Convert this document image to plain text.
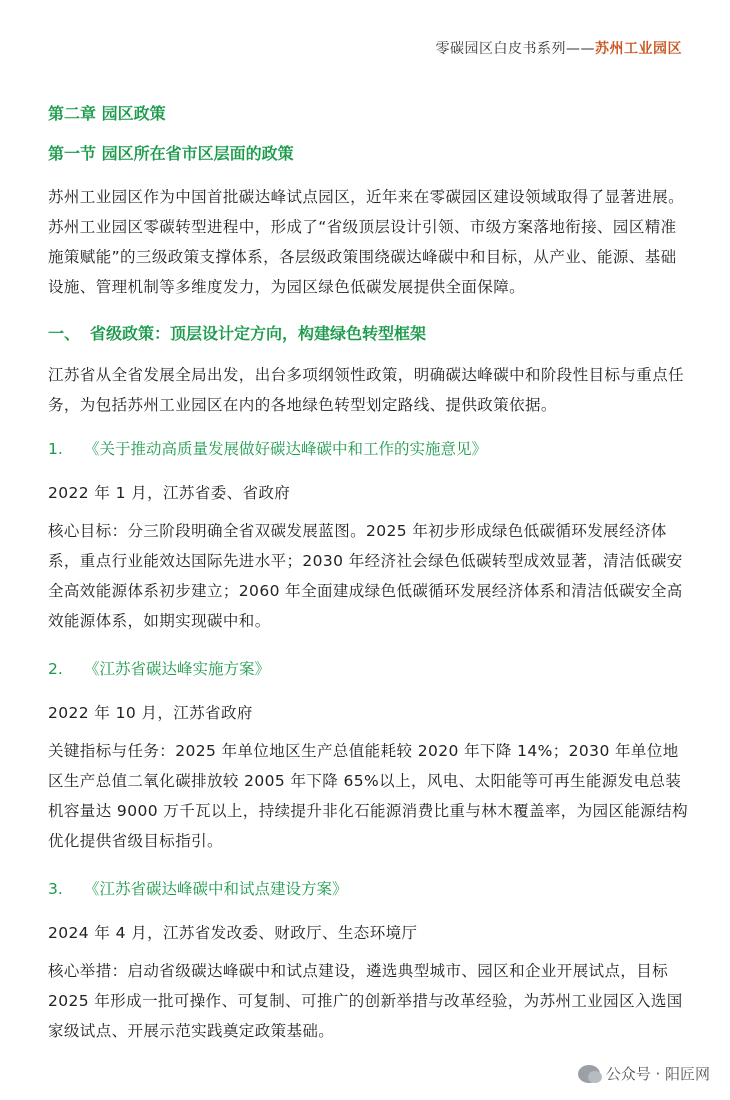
零碳园区白皮书系列——苏州工业园区
第二章 园区政策
第一节 园区所在省市区层面的政策

苏州工业园区作为中国首批碳达峰试点园区，近年来在零碳园区建设领域取得了显著进展。苏州工业园区零碳转型进程中，形成了“省级顶层设计引领、市级方案落地衔接、园区精准施策赋能”的三级政策支撑体系，各层级政策围绕碳达峰碳中和目标，从产业、能源、基础设施、管理机制等多维度发力，为园区绿色低碳发展提供全面保障。

一、 省级政策：顶层设计定方向，构建绿色转型框架

江苏省从全省发展全局出发，出台多项纲领性政策，明确碳达峰碳中和阶段性目标与重点任务，为包括苏州工业园区在内的各地绿色转型划定路线、提供政策依据。

1. 《关于推动高质量发展做好碳达峰碳中和工作的实施意见》

2022 年 1 月，江苏省委、省政府

核心目标：分三阶段明确全省双碳发展蓝图。2025 年初步形成绿色低碳循环发展经济体系，重点行业能效达国际先进水平；2030 年经济社会绿色低碳转型成效显著，清洁低碳安全高效能源体系初步建立；2060 年全面建成绿色低碳循环发展经济体系和清洁低碳安全高效能源体系，如期实现碳中和。

2. 《江苏省碳达峰实施方案》

2022 年 10 月，江苏省政府

关键指标与任务：2025 年单位地区生产总值能耗较 2020 年下降 14%；2030 年单位地区生产总值二氧化碳排放较 2005 年下降 65%以上，风电、太阳能等可再生能源发电总装机容量达 9000 万千瓦以上，持续提升非化石能源消费比重与林木覆盖率，为园区能源结构优化提供省级目标指引。

3. 《江苏省碳达峰碳中和试点建设方案》

2024 年 4 月，江苏省发改委、财政厅、生态环境厅

核心举措：启动省级碳达峰碳中和试点建设，遴选典型城市、园区和企业开展试点，目标 2025 年形成一批可操作、可复制、可推广的创新举措与改革经验，为苏州工业园区入选国家级试点、开展示范实践奠定政策基础。

公众号 · 阳匠网
